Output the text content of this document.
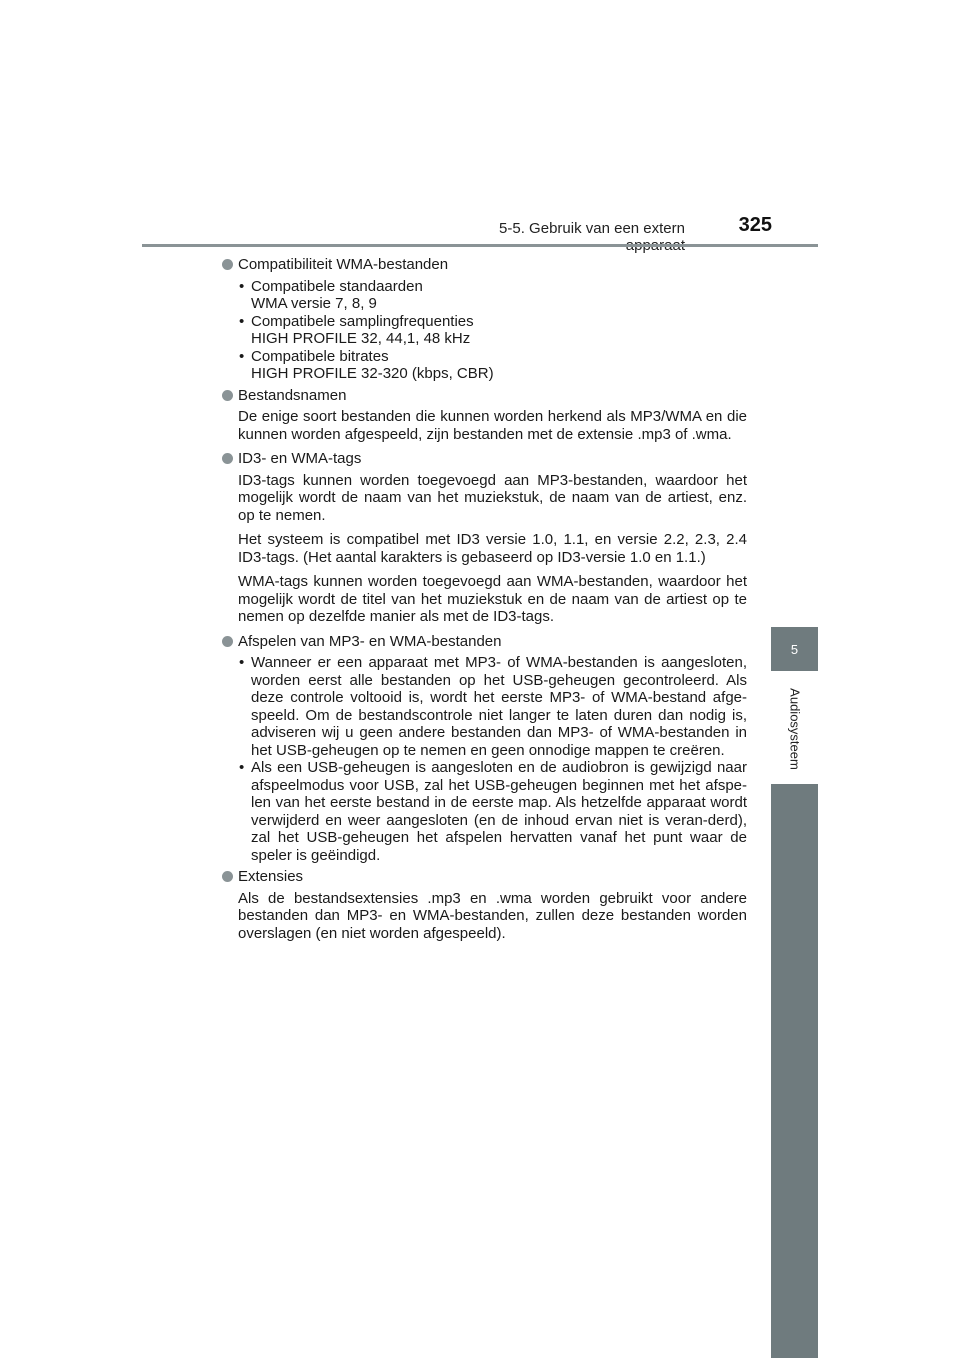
5-5. Gebruik van een extern	325
5
Audiosysteem

Compatibiliteit WMA-bestanden

• Compatibele standaarden
WMA versie 7, 8, 9
• Compatibele samplingfrequenties
HIGH PROFILE 32, 44,1, 48 kHz
• Compatibele bitrates
HIGH PROFILE 32-320 (kbps, CBR)

Bestandsnamen

De enige soort bestanden die kunnen worden herkend als MP3/WMA en die kunnen worden afgespeeld, zijn bestanden met de extensie .mp3 of .wma.

ID3- en WMA-tags

ID3-tags kunnen worden toegevoegd aan MP3-bestanden, waardoor het mogelijk wordt de naam van het muziekstuk, de naam van de artiest, enz. op te nemen.

Het systeem is compatibel met ID3 versie 1.0, 1.1, en versie 2.2, 2.3, 2.4 ID3-tags. (Het aantal karakters is gebaseerd op ID3-versie 1.0 en 1.1.)

WMA-tags kunnen worden toegevoegd aan WMA-bestanden, waardoor het mogelijk wordt de titel van het muziekstuk en de naam van de artiest op te nemen op dezelfde manier als met de ID3-tags.

Afspelen van MP3- en WMA-bestanden

• Wanneer er een apparaat met MP3- of WMA-bestanden is aangesloten, worden eerst alle bestanden op het USB-geheugen gecontroleerd. Als deze controle voltooid is, wordt het eerste MP3- of WMA-bestand afge-speeld. Om de bestandscontrole niet langer te laten duren dan nodig is, adviseren wij u geen andere bestanden dan MP3- of WMA-bestanden in het USB-geheugen op te nemen en geen onnodige mappen te creëren.
• Als een USB-geheugen is aangesloten en de audiobron is gewijzigd naar afspeelmodus voor USB, zal het USB-geheugen beginnen met het afspe-len van het eerste bestand in de eerste map. Als hetzelfde apparaat wordt verwijderd en weer aangesloten (en de inhoud ervan niet is veran-derd), zal het USB-geheugen het afspelen hervatten vanaf het punt waar de speler is geëindigd.

Extensies

Als de bestandsextensies .mp3 en .wma worden gebruikt voor andere bestanden dan MP3- en WMA-bestanden, zullen deze bestanden worden overslagen (en niet worden afgespeeld).
